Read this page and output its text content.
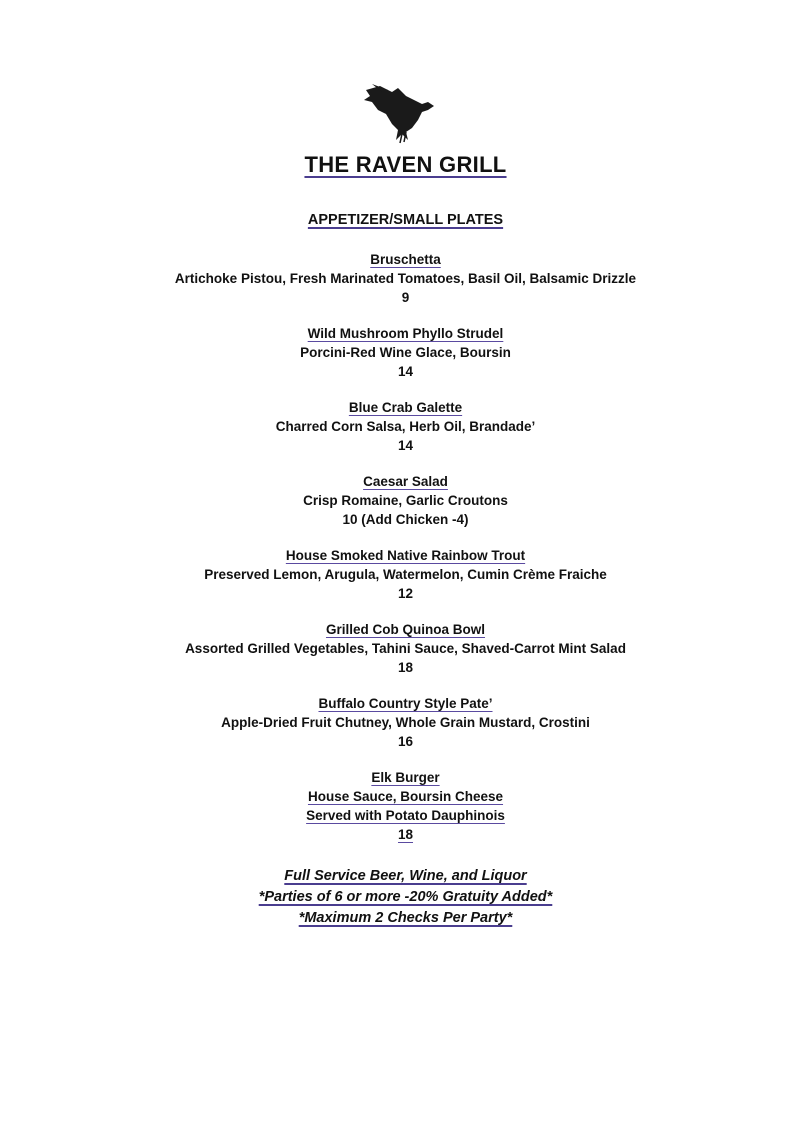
THE RAVEN GRILL
APPETIZER/SMALL PLATES
Bruschetta
Artichoke Pistou, Fresh Marinated Tomatoes, Basil Oil, Balsamic Drizzle
9
Wild Mushroom Phyllo Strudel
Porcini-Red Wine Glace, Boursin
14
Blue Crab Galette
Charred Corn Salsa, Herb Oil, Brandade’
14
Caesar Salad
Crisp Romaine, Garlic Croutons
10 (Add Chicken -4)
House Smoked Native Rainbow Trout
Preserved Lemon, Arugula, Watermelon, Cumin Crème Fraiche
12
Grilled Cob Quinoa Bowl
Assorted Grilled Vegetables, Tahini Sauce, Shaved-Carrot Mint Salad
18
Buffalo Country Style Pate’
Apple-Dried Fruit Chutney, Whole Grain Mustard, Crostini
16
Elk Burger
House Sauce, Boursin Cheese
Served with Potato Dauphinois
18
Full Service Beer, Wine, and Liquor
*Parties of 6 or more -20% Gratuity Added*
*Maximum 2 Checks Per Party*
